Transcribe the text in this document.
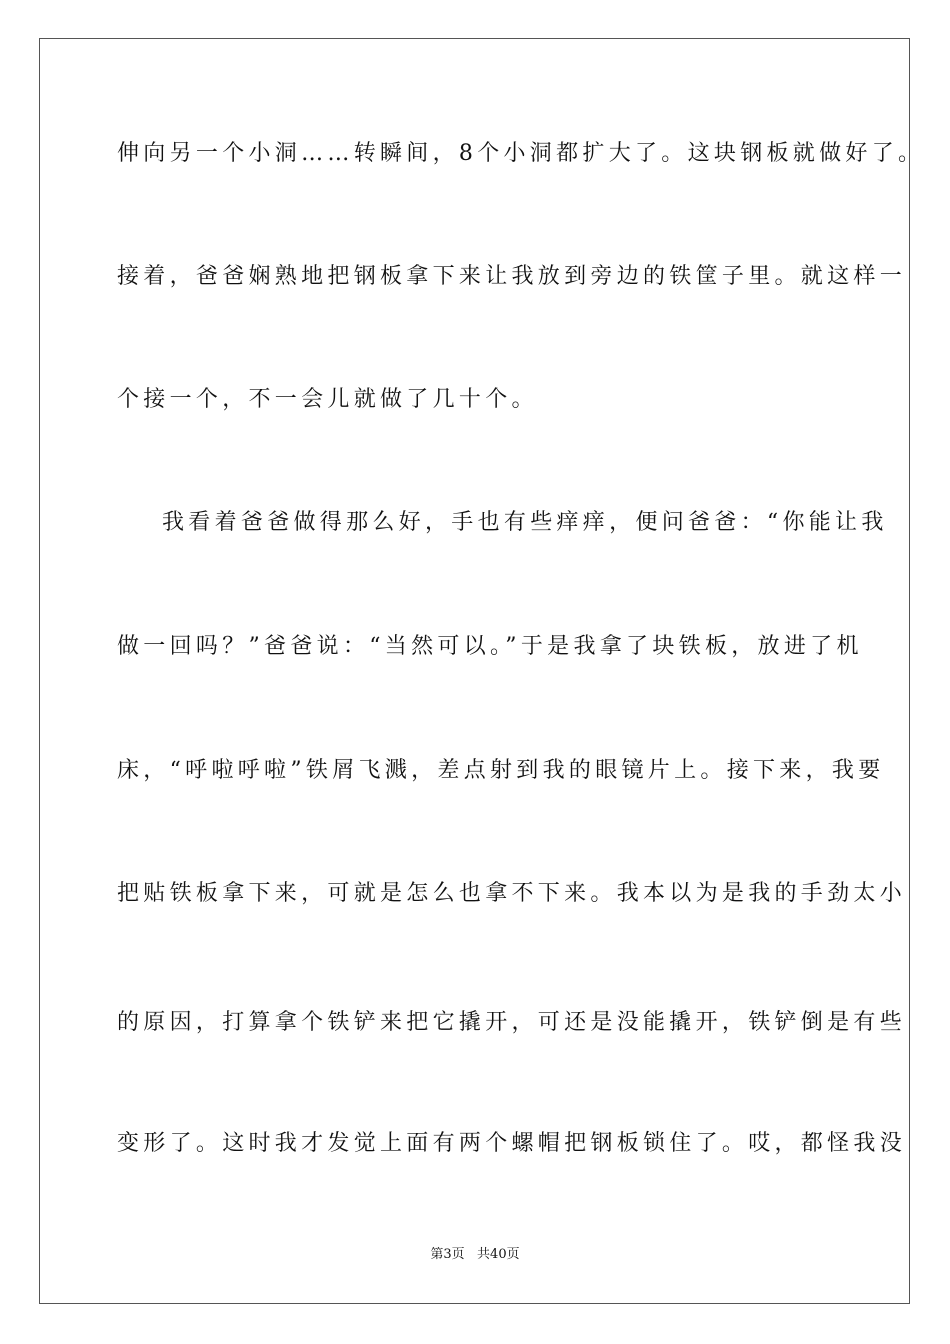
伸向另一个小洞……转瞬间，8个小洞都扩大了。这块钢板就做好了。
接着，爸爸娴熟地把钢板拿下来让我放到旁边的铁筐子里。就这样一
个接一个，不一会儿就做了几十个。
我看着爸爸做得那么好，手也有些痒痒，便问爸爸：“你能让我
做一回吗？”爸爸说：“当然可以。”于是我拿了块铁板，放进了机
床，“呼啦呼啦”铁屑飞溅，差点射到我的眼镜片上。接下来，我要
把贴铁板拿下来，可就是怎么也拿不下来。我本以为是我的手劲太小
的原因，打算拿个铁铲来把它撬开，可还是没能撬开，铁铲倒是有些
变形了。这时我才发觉上面有两个螺帽把钢板锁住了。哎，都怪我没
第3页   共40页
